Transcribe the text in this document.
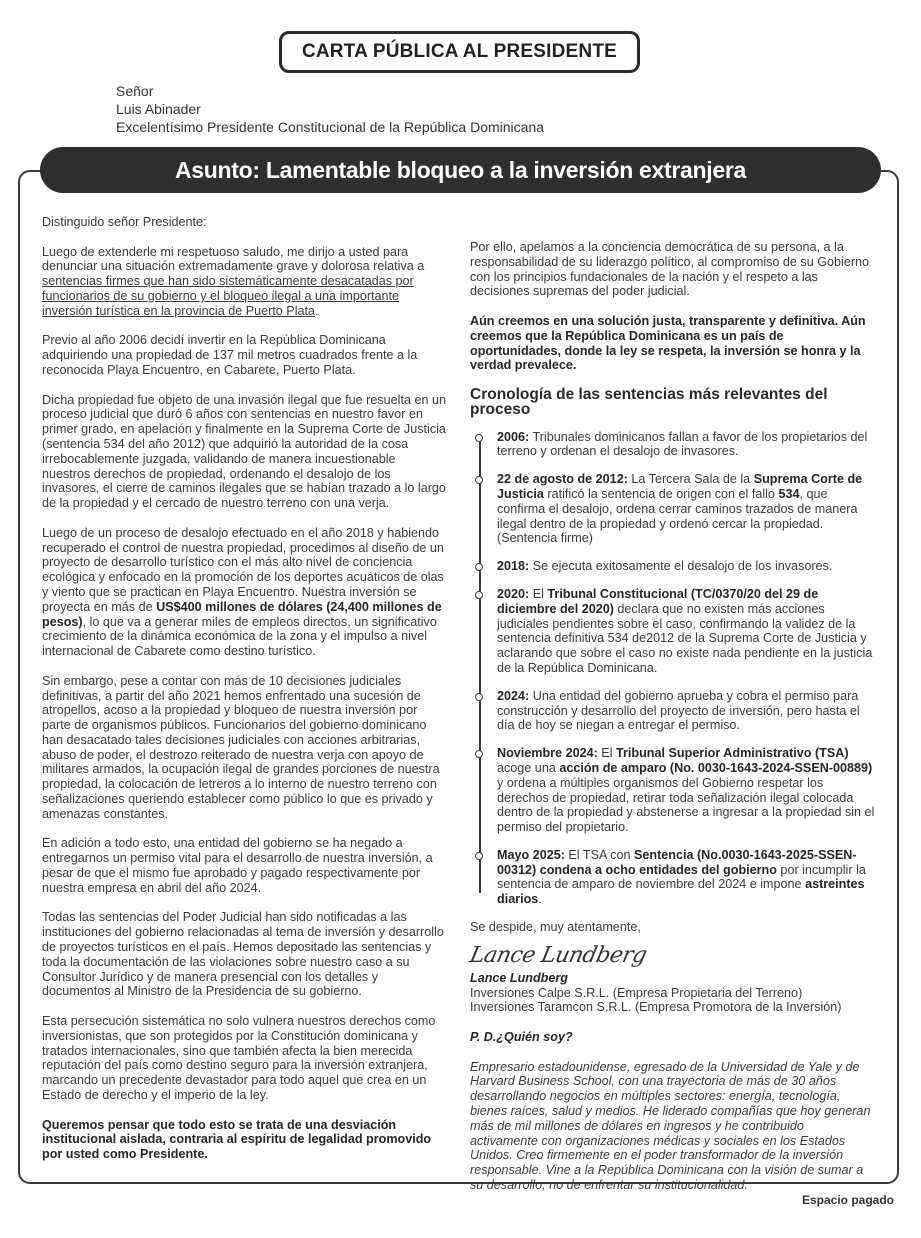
CARTA PÚBLICA AL PRESIDENTE
Señor
Luis Abinader
Excelentísimo Presidente Constitucional de la República Dominicana
Asunto: Lamentable bloqueo a la inversión extranjera

Distinguido señor Presidente:

Luego de extenderle mi respetuoso saludo, me dirijo a usted para denunciar una situación extremadamente grave y dolorosa relativa a sentencias firmes que han sido sistemáticamente desacatadas por funcionarios de su gobierno y el bloqueo ilegal a una importante inversión turística en la provincia de Puerto Plata.

Previo al año 2006 decidí invertir en la República Dominicana adquiriendo una propiedad de 137 mil metros cuadrados frente a la reconocida Playa Encuentro, en Cabarete, Puerto Plata.

Dicha propiedad fue objeto de una invasión ilegal que fue resuelta en un proceso judicial que duró 6 años con sentencias en nuestro favor en primer grado, en apelación y finalmente en la Suprema Corte de Justicia (sentencia 534 del año 2012) que adquirió la autoridad de la cosa irrebocablemente juzgada, validando de manera incuestionable nuestros derechos de propiedad, ordenando el desalojo de los invasores, el cierre de caminos ilegales que se habían trazado a lo largo de la propiedad y el cercado de nuestro terreno con una verja.

Luego de un proceso de desalojo efectuado en el año 2018 y habiendo recuperado el control de nuestra propiedad, procedimos al diseño de un proyecto de desarrollo turístico con el más alto nivel de conciencia ecológica y enfocado en la promoción de los deportes acuáticos de olas y viento que se practican en Playa Encuentro. Nuestra inversión se proyecta en más de US$400 millones de dólares (24,400 millones de pesos), lo que va a generar miles de empleos directos, un significativo crecimiento de la dinámica económica de la zona y el impulso a nivel internacional de Cabarete como destino turístico.

Sin embargo, pese a contar con más de 10 decisiones judiciales definitivas, a partir del año 2021 hemos enfrentado una sucesión de atropellos, acoso a la propiedad y bloqueo de nuestra inversión por parte de organismos públicos. Funcionarios del gobierno dominicano han desacatado tales decisiones judiciales con acciones arbitrarias, abuso de poder, el destrozo reiterado de nuestra verja con apoyo de militares armados, la ocupación ilegal de grandes porciones de nuestra propiedad, la colocación de letreros a lo interno de nuestro terreno con señalizaciones queriendo establecer como público lo que es privado y amenazas constantes.

En adición a todo esto, una entidad del gobierno se ha negado a entregarnos un permiso vital para el desarrollo de nuestra inversión, a pesar de que el mismo fue aprobado y pagado respectivamente por nuestra empresa en abril del año 2024.

Todas las sentencias del Poder Judicial han sido notificadas a las instituciones del gobierno relacionadas al tema de inversión y desarrollo de proyectos turísticos en el país. Hemos depositado las sentencias y toda la documentación de las violaciones sobre nuestro caso a su Consultor Jurídico y de manera presencial con los detalles y documentos al Ministro de la Presidencia de su gobierno.

Esta persecución sistemática no solo vulnera nuestros derechos como inversionistas, que son protegidos por la Constitución dominicana y tratados internacionales, sino que también afecta la bien merecida reputación del país como destino seguro para la inversión extranjera, marcando un precedente devastador para todo aquel que crea en un Estado de derecho y el imperio de la ley.

Queremos pensar que todo esto se trata de una desviación institucional aislada, contraria al espíritu de legalidad promovido por usted como Presidente.

Por ello, apelamos a la conciencia democrática de su persona, a la responsabilidad de su liderazgo político, al compromiso de su Gobierno con los principios fundacionales de la nación y el respeto a las decisiones supremas del poder judicial.

Aún creemos en una solución justa, transparente y definitiva. Aún creemos que la República Dominicana es un país de oportunidades, donde la ley se respeta, la inversión se honra y la verdad prevalece.

Cronología de las sentencias más relevantes del proceso

2006: Tribunales dominicanos fallan a favor de los propietarios del terreno y ordenan el desalojo de invasores.
22 de agosto de 2012: La Tercera Sala de la Suprema Corte de Justicia ratificó la sentencia de origen con el fallo 534, que confirma el desalojo, ordena cerrar caminos trazados de manera ilegal dentro de la propiedad y ordenó cercar la propiedad. (Sentencia firme)
2018: Se ejecuta exitosamente el desalojo de los invasores.
2020: El Tribunal Constitucional (TC/0370/20 del 29 de diciembre del 2020) declara que no existen más acciones judiciales pendientes sobre el caso, confirmando la validez de la sentencia definitiva 534 de2012 de la Suprema Corte de Justicia y aclarando que sobre el caso no existe nada pendiente en la justicia de la República Dominicana.
2024: Una entidad del gobierno aprueba y cobra el permiso para construcción y desarrollo del proyecto de inversión, pero hasta el día de hoy se niegan a entregar el permiso.
Noviembre 2024: El Tribunal Superior Administrativo (TSA) acoge una acción de amparo (No. 0030-1643-2024-SSEN-00889) y ordena a múltiples organismos del Gobierno respetar los derechos de propiedad, retirar toda señalización ilegal colocada dentro de la propiedad y abstenerse a ingresar a la propiedad sin el permiso del propietario.
Mayo 2025: El TSA con Sentencia (No.0030-1643-2025-SSEN-00312) condena a ocho entidades del gobierno por incumplir la sentencia de amparo de noviembre del 2024 e impone astreintes diarios.

Se despide, muy atentamente,

Lance Lundberg
Lance Lundberg
Inversiones Calpe S.R.L. (Empresa Propietaria del Terreno)
Inversiones Taramcon S.R.L. (Empresa Promotora de la Inversión)

P. D.¿Quién soy?

Empresario estadounidense, egresado de la Universidad de Yale y de Harvard Business School, con una trayectoria de más de 30 años desarrollando negocios en múltiples sectores: energía, tecnología, bienes raíces, salud y medios. He liderado compañías que hoy generan más de mil millones de dólares en ingresos y he contribuido activamente con organizaciones médicas y sociales en los Estados Unidos. Creo firmemente en el poder transformador de la inversión responsable. Vine a la República Dominicana con la visión de sumar a su desarrollo, no de enfrentar su institucionalidad.

Espacio pagado
